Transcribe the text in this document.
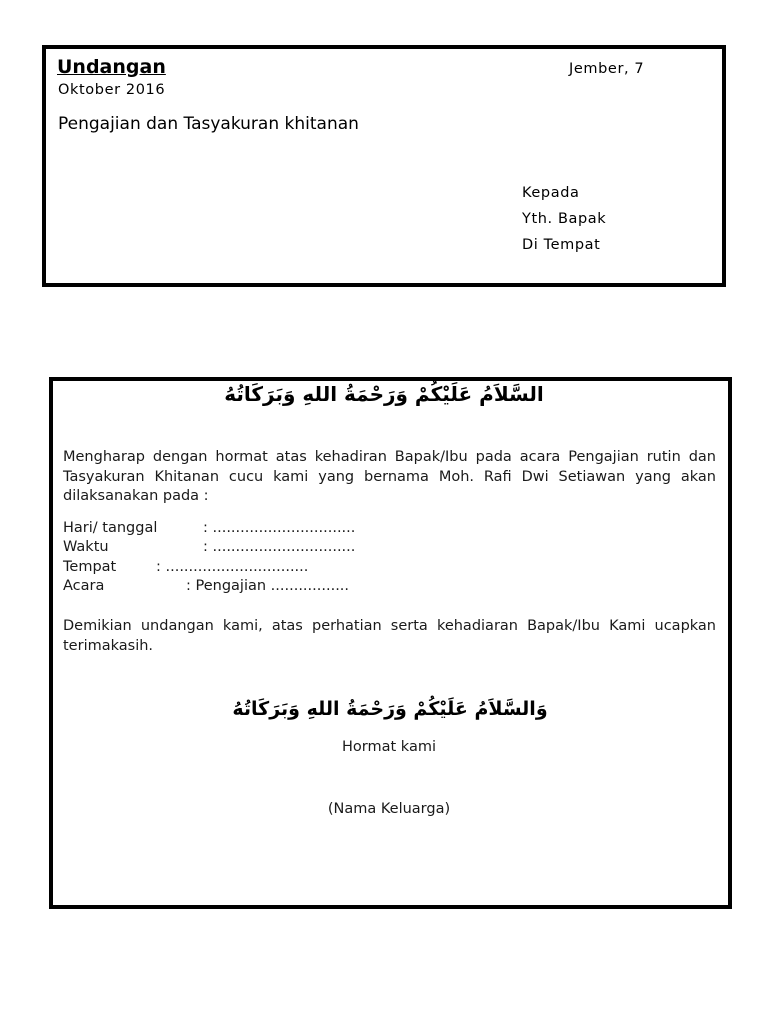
Undangan	Jember, 7
Oktober 2016
Pengajian dan Tasyakuran khitanan
Kepada
Yth. Bapak
Di Tempat
السَّلاَمُ عَلَيْكُمْ وَرَحْمَةُ اللهِ وَبَرَكَاتُهُ
Mengharap dengan hormat atas kehadiran Bapak/Ibu pada acara Pengajian rutin dan Tasyakuran Khitanan cucu kami yang bernama Moh. Rafi Dwi Setiawan yang akan dilaksanakan pada :
Hari/ tanggal	: ...............................
Waktu	: ...............................
Tempat	: ...............................
Acara	: Pengajian .................
Demikian undangan kami, atas perhatian serta kehadiaran Bapak/Ibu Kami ucapkan terimakasih.
وَالسَّلاَمُ عَلَيْكُمْ وَرَحْمَةُ اللهِ وَبَرَكَاتُهُ
Hormat kami
(Nama Keluarga)
